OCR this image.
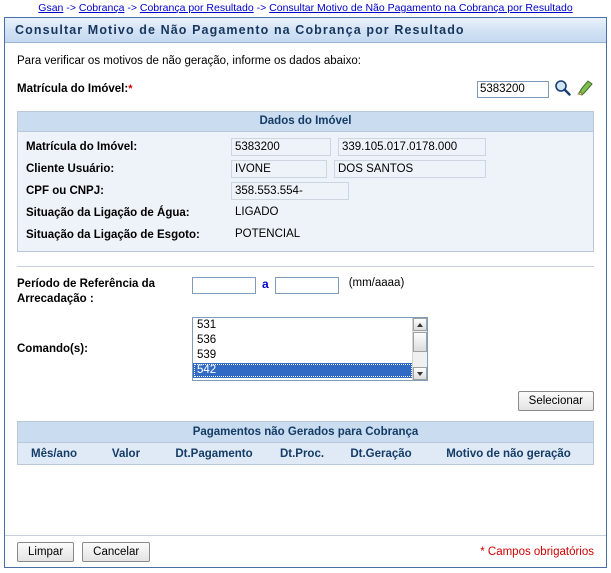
Gsan -> Cobrança -> Cobrança por Resultado -> Consultar Motivo de Não Pagamento na Cobrança por Resultado
Consultar Motivo de Não Pagamento na Cobrança por Resultado
Para verificar os motivos de não geração, informe os dados abaixo:
Matrícula do Imóvel: *
5383200
Dados do Imóvel
Matrícula do Imóvel:	5383200	339.105.017.0178.000
Cliente Usuário:	IVONE	DOS SANTOS
CPF ou CNPJ:	358.553.554-
Situação da Ligação de Água:	LIGADO
Situação da Ligação de Esgoto:	POTENCIAL
Período de Referência da Arrecadação :
a	(mm/aaaa)
Comando(s):
531
536
539
542
Selecionar
Pagamentos não Gerados para Cobrança
Mês/ano	Valor	Dt.Pagamento	Dt.Proc.	Dt.Geração	Motivo de não geração
Limpar	Cancelar	* Campos obrigatórios
